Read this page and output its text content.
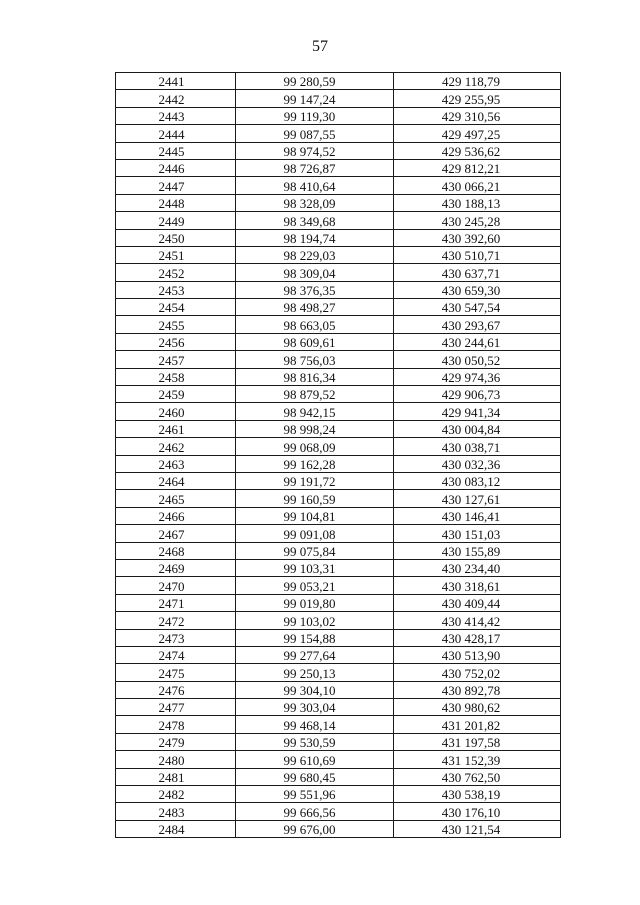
57
2441	99 280,59	429 118,79
2442	99 147,24	429 255,95
2443	99 119,30	429 310,56
2444	99 087,55	429 497,25
2445	98 974,52	429 536,62
2446	98 726,87	429 812,21
2447	98 410,64	430 066,21
2448	98 328,09	430 188,13
2449	98 349,68	430 245,28
2450	98 194,74	430 392,60
2451	98 229,03	430 510,71
2452	98 309,04	430 637,71
2453	98 376,35	430 659,30
2454	98 498,27	430 547,54
2455	98 663,05	430 293,67
2456	98 609,61	430 244,61
2457	98 756,03	430 050,52
2458	98 816,34	429 974,36
2459	98 879,52	429 906,73
2460	98 942,15	429 941,34
2461	98 998,24	430 004,84
2462	99 068,09	430 038,71
2463	99 162,28	430 032,36
2464	99 191,72	430 083,12
2465	99 160,59	430 127,61
2466	99 104,81	430 146,41
2467	99 091,08	430 151,03
2468	99 075,84	430 155,89
2469	99 103,31	430 234,40
2470	99 053,21	430 318,61
2471	99 019,80	430 409,44
2472	99 103,02	430 414,42
2473	99 154,88	430 428,17
2474	99 277,64	430 513,90
2475	99 250,13	430 752,02
2476	99 304,10	430 892,78
2477	99 303,04	430 980,62
2478	99 468,14	431 201,82
2479	99 530,59	431 197,58
2480	99 610,69	431 152,39
2481	99 680,45	430 762,50
2482	99 551,96	430 538,19
2483	99 666,56	430 176,10
2484	99 676,00	430 121,54
